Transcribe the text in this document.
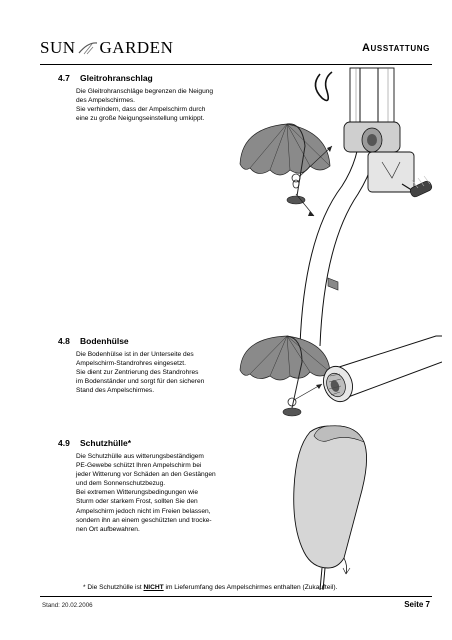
SUN GARDEN	AUSSTATTUNG
4.7 Gleitrohranschlag
Die Gleitrohranschläge begrenzen die Neigung
des Ampelschirmes.
Sie verhindern, dass der Ampelschirm durch
eine zu große Neigungseinstellung umkippt.
4.8 Bodenhülse
Die Bodenhülse ist in der Unterseite des
Ampelschirm-Standrohres eingesetzt.
Sie dient zur Zentrierung des Standrohres
im Bodenständer und sorgt für den sicheren
Stand des Ampelschirmes.
4.9 Schutzhülle*
Die Schutzhülle aus witterungsbeständigem
PE-Gewebe schützt Ihren Ampelschirm bei
jeder Witterung vor Schäden an den Gestängen
und dem Sonnenschutzbezug.
Bei extremen Witterungsbedingungen wie
Sturm oder starkem Frost, sollten Sie den
Ampelschirm jedoch nicht im Freien belassen,
sondern ihn an einem geschützten und trocke-
nen Ort aufbewahren.
* Die Schutzhülle ist NICHT im Lieferumfang des Ampelschirmes enthalten (Zukaufteil).
Stand: 20.02.2006	Seite 7
